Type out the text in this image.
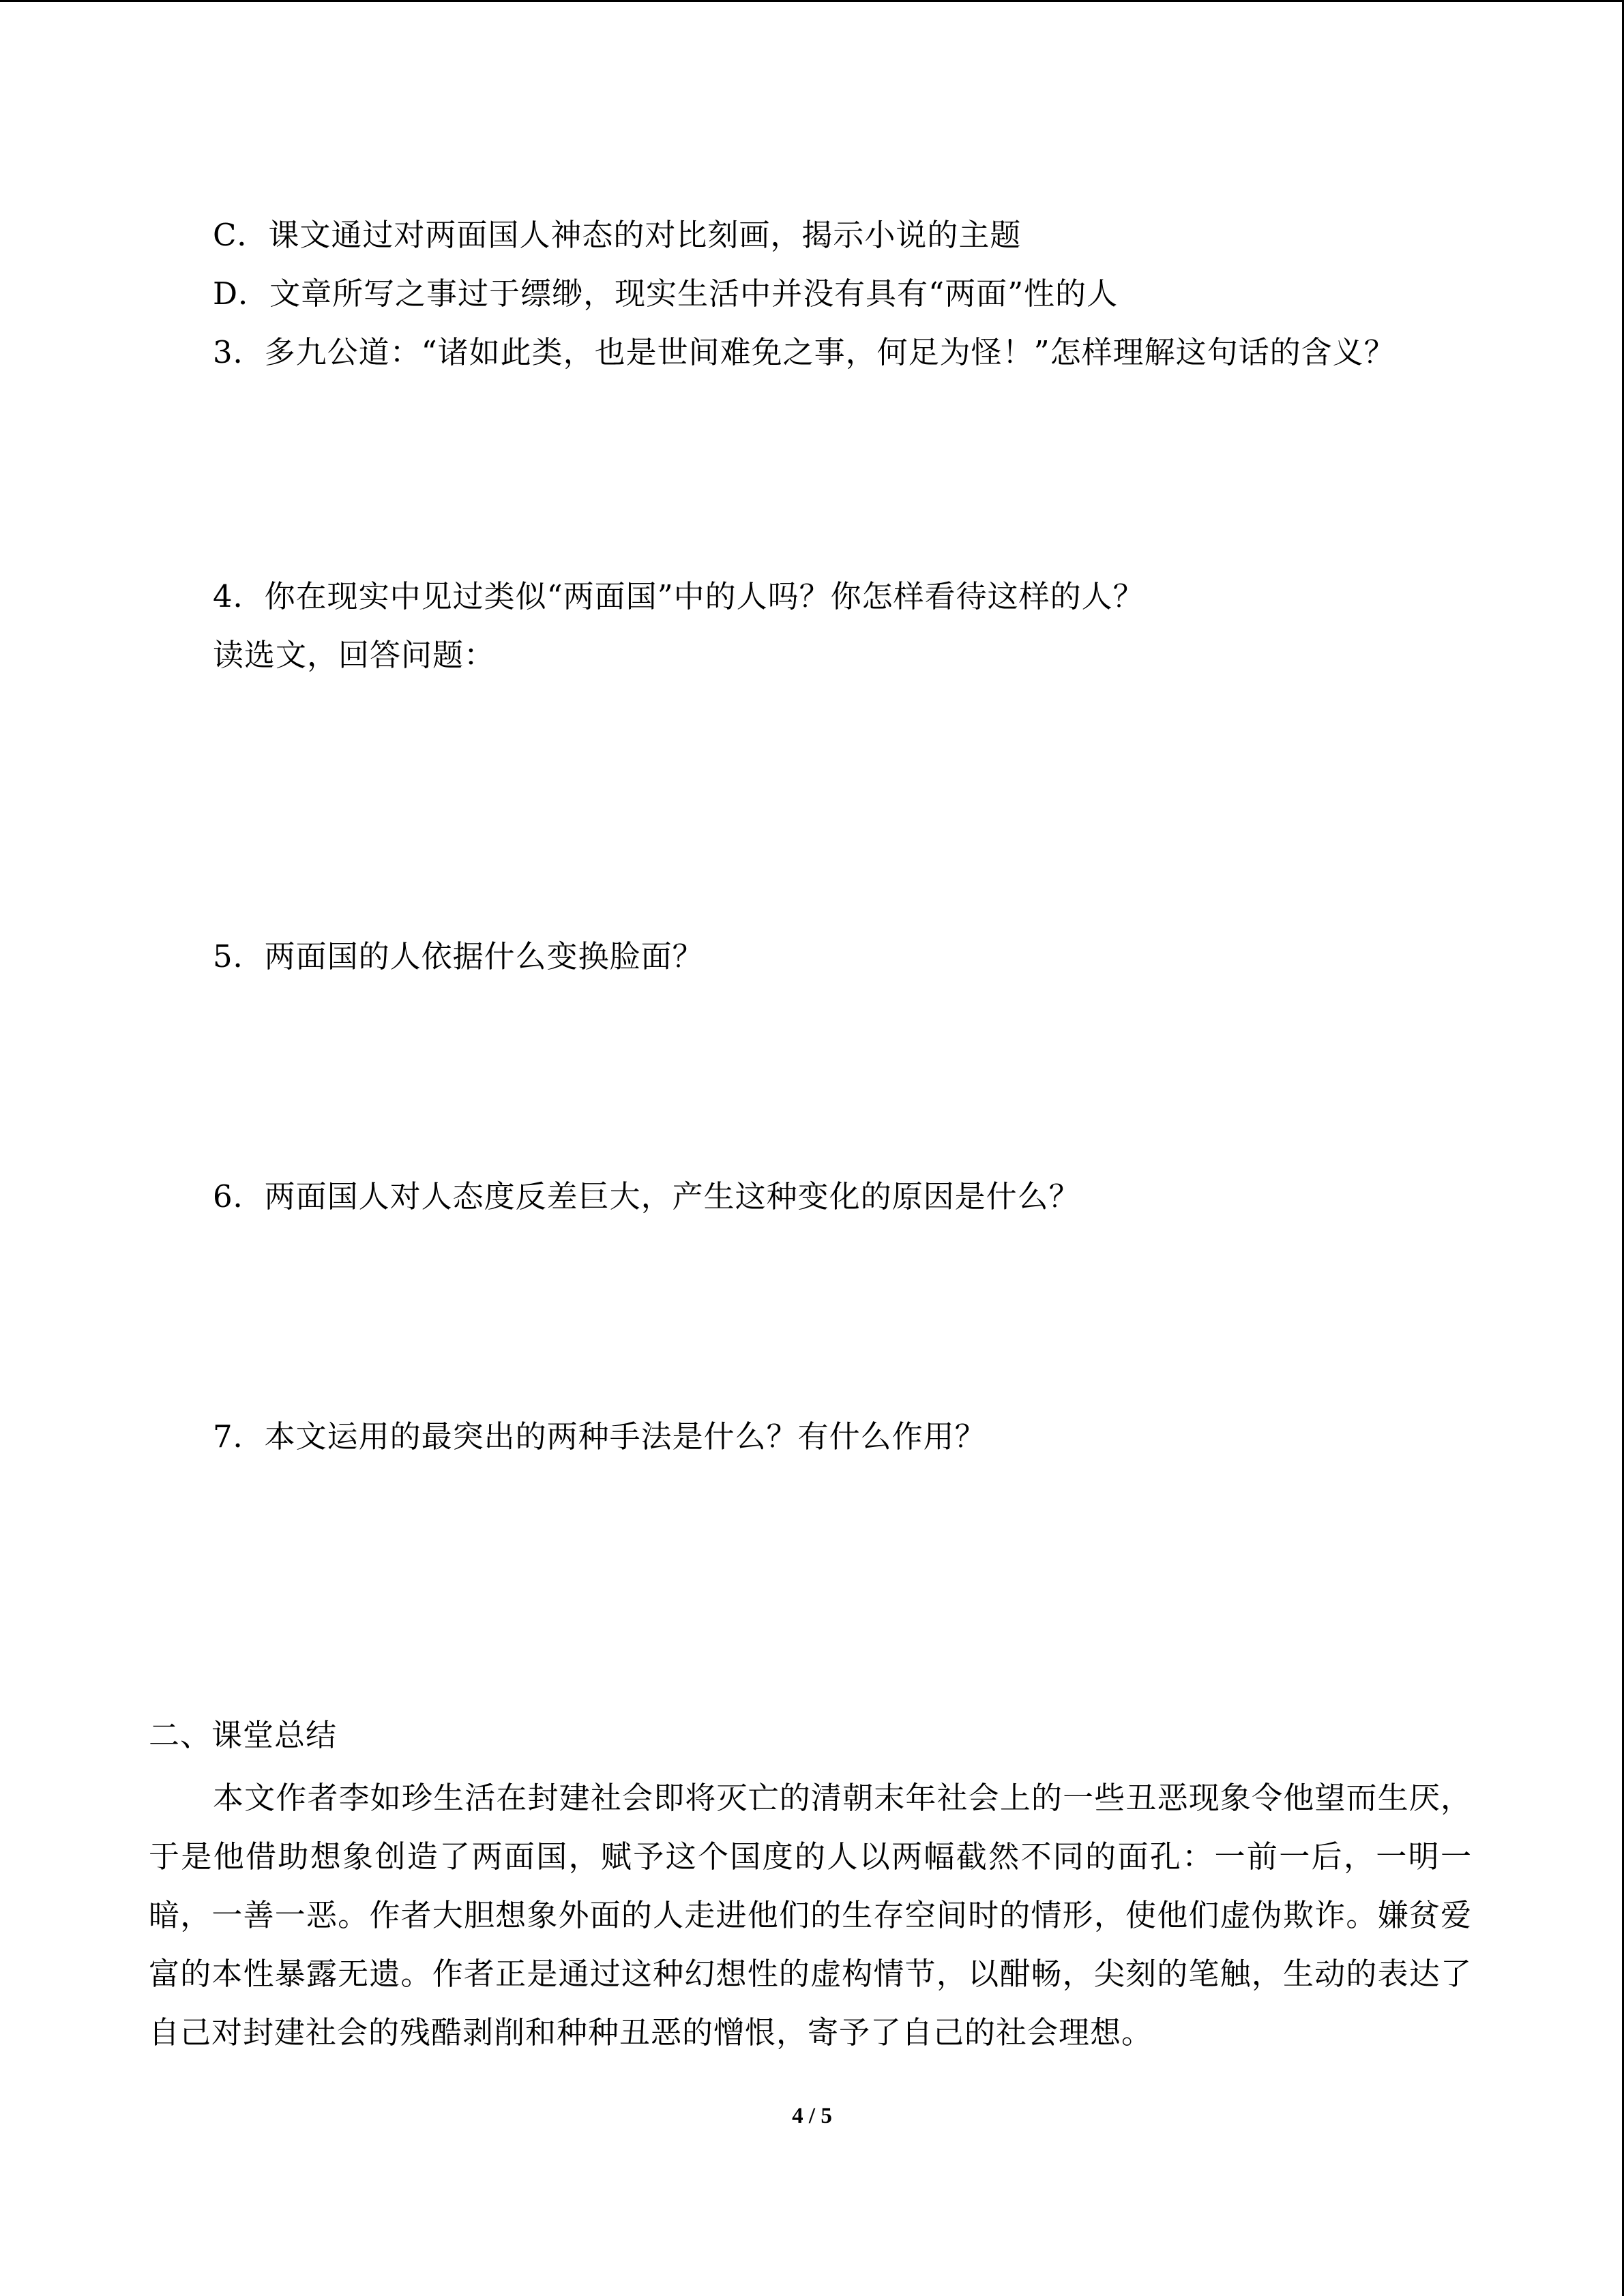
C．课文通过对两面国人神态的对比刻画，揭示小说的主题
D．文章所写之事过于缥缈，现实生活中并没有具有“两面”性的人
3．多九公道：“诸如此类，也是世间难免之事，何足为怪！”怎样理解这句话的含义？
4．你在现实中见过类似“两面国”中的人吗？你怎样看待这样的人？
读选文，回答问题：
5．两面国的人依据什么变换脸面？
6．两面国人对人态度反差巨大，产生这种变化的原因是什么？
7．本文运用的最突出的两种手法是什么？有什么作用？
二、课堂总结
本文作者李如珍生活在封建社会即将灭亡的清朝末年社会上的一些丑恶现象令他望而生厌，于是他借助想象创造了两面国，赋予这个国度的人以两幅截然不同的面孔：一前一后，一明一暗，一善一恶。作者大胆想象外面的人走进他们的生存空间时的情形，使他们虚伪欺诈。嫌贫爱富的本性暴露无遗。作者正是通过这种幻想性的虚构情节，以酣畅，尖刻的笔触，生动的表达了自己对封建社会的残酷剥削和种种丑恶的憎恨，寄予了自己的社会理想。
4 / 5
